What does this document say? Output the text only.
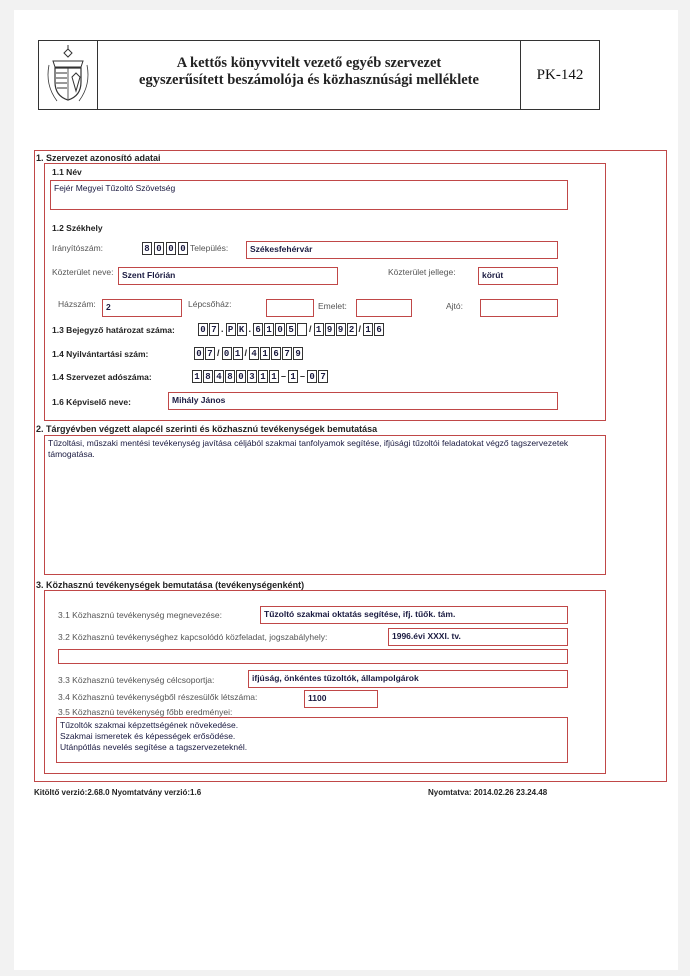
A kettős könyvvitelt vezető egyéb szervezet
egyszerűsített beszámolója és közhasznúsági melléklete	PK-142
1. Szervezet azonosító adatai
1.1 Név
Fejér Megyei Tűzoltó Szövetség
1.2 Székhely
Irányítószám:	8 0 0 0 Település:	Székesfehérvár
Közterület neve:	Szent Flórián	Közterület jellege:	körút
Házszám:	2	Lépcsőház:	Emelet:	Ajtó:
1.3 Bejegyző határozat száma:	0 7 . P K . 6 1 0 5 / 1 9 9 2 / 1 6
1.4 Nyilvántartási szám:	0 7 / 0 1 / 4 1 6 7 9
1.4 Szervezet adószáma:	1 8 4 8 0 3 1 1 – 1 – 0 7
1.6 Képviselő neve:	Mihály János
2. Tárgyévben végzett alapcél szerinti és közhasznú tevékenységek bemutatása
Tűzoltási, műszaki mentési tevékenység javítása céljából szakmai tanfolyamok segítése, ifjúsági tűzoltói feladatokat végző tagszervezetek támogatása.
3. Közhasznú tevékenységek bemutatása (tevékenységenként)
3.1 Közhasznú tevékenység megnevezése:	Tűzoltó szakmai oktatás segítése, ifj. tűők. tám.
3.2 Közhasznú tevékenységhez kapcsolódó közfeladat, jogszabályhely:	1996.évi XXXI. tv.
3.3 Közhasznú tevékenység célcsoportja:	ifjúság, önkéntes tűzoltók, állampolgárok
3.4 Közhasznú tevékenységből részesülők létszáma:	1100
3.5 Közhasznú tevékenység főbb eredményei:
Tűzoltók szakmai képzettségének növekedése.
Szakmai ismeretek és képességek erősödése.
Utánpótlás nevelés segítése a tagszervezeteknél.
Kitöltő verzió:2.68.0 Nyomtatvány verzió:1.6	Nyomtatva: 2014.02.26 23.24.48
